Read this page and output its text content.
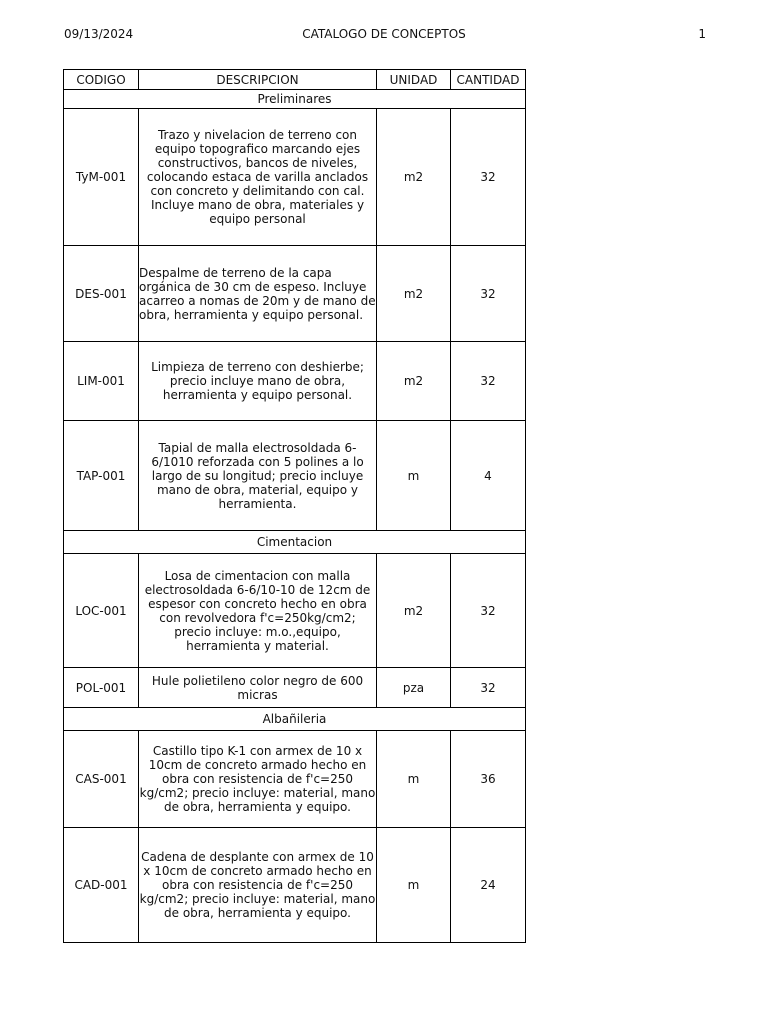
09/13/2024	CATALOGO DE CONCEPTOS	1
CODIGO	DESCRIPCION	UNIDAD	CANTIDAD
Preliminares			
TyM-001	Trazo y nivelacion de terreno con equipo topografico marcando ejes constructivos, bancos de niveles, colocando estaca de varilla anclados con concreto y delimitando con cal. Incluye mano de obra, materiales y equipo personal	m2	32
DES-001	Despalme de terreno de la capa orgánica de 30 cm de espeso. Incluye acarreo a nomas de 20m y de mano de obra, herramienta y equipo personal.	m2	32
LIM-001	Limpieza de terreno con deshierbe; precio incluye mano de obra, herramienta y equipo personal.	m2	32
TAP-001	Tapial de malla electrosoldada 6-6/1010 reforzada con 5 polines a lo largo de su longitud; precio incluye mano de obra, material, equipo y herramienta.	m	4
Cimentacion			
LOC-001	Losa de cimentacion con malla electrosoldada 6-6/10-10 de 12cm de espesor con concreto hecho en obra con revolvedora f'c=250kg/cm2; precio incluye: m.o.,equipo, herramienta y material.	m2	32
POL-001	Hule polietileno color negro de 600 micras	pza	32
Albañileria			
CAS-001	Castillo tipo K-1 con armex de 10 x 10cm de concreto armado hecho en obra con resistencia de f'c=250 kg/cm2; precio incluye: material, mano de obra, herramienta y equipo.	m	36
CAD-001	Cadena de desplante con armex de 10 x 10cm de concreto armado hecho en obra con resistencia de f'c=250 kg/cm2; precio incluye: material, mano de obra, herramienta y equipo.	m	24
